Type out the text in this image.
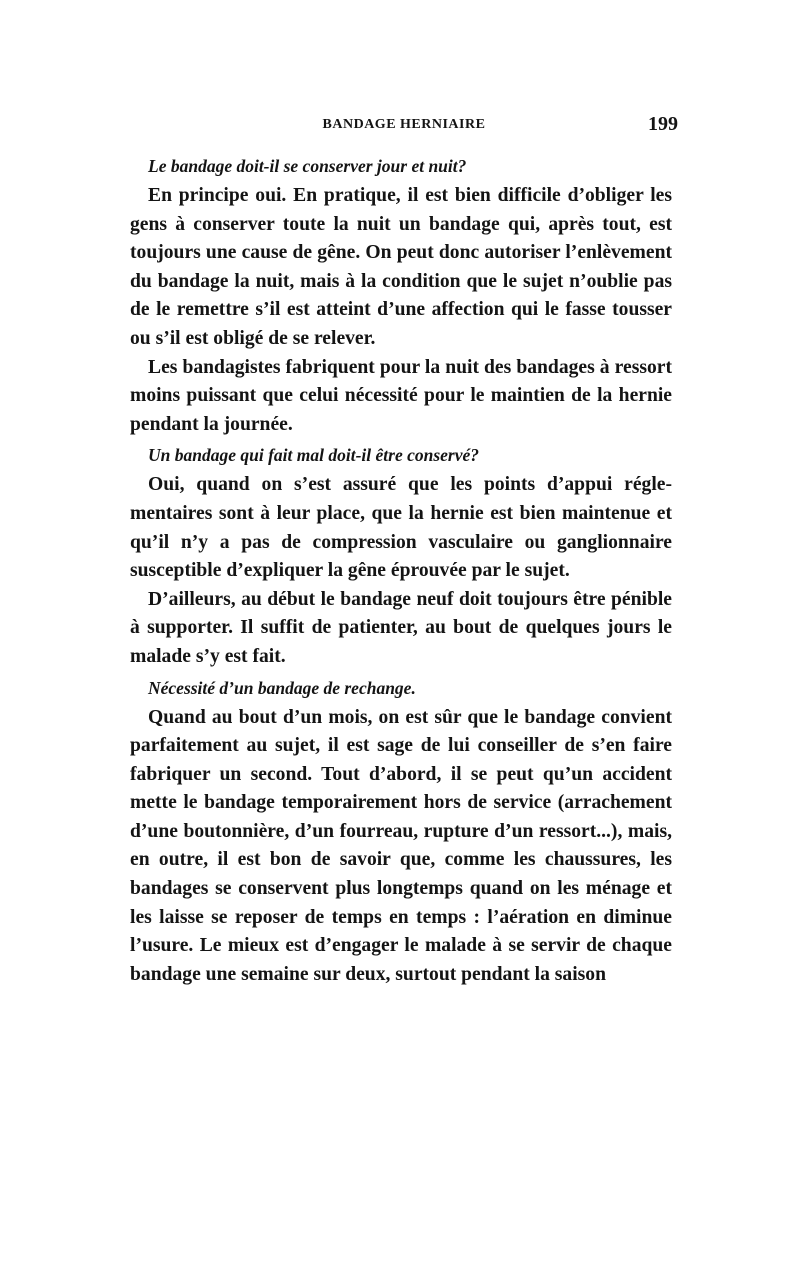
BANDAGE HERNIAIRE	199
Le bandage doit-il se conserver jour et nuit?

En principe oui. En pratique, il est bien difficile d’obliger les gens à conserver toute la nuit un bandage qui, après tout, est toujours une cause de gêne. On peut donc autoriser l’enlèvement du bandage la nuit, mais à la condition que le sujet n’oublie pas de le remettre s’il est atteint d’une affection qui le fasse tousser ou s’il est obligé de se relever.

Les bandagistes fabriquent pour la nuit des bandages à ressort moins puissant que celui nécessité pour le maintien de la hernie pendant la journée.

Un bandage qui fait mal doit-il être conservé?

Oui, quand on s’est assuré que les points d’appui réglementaires sont à leur place, que la hernie est bien maintenue et qu’il n’y a pas de compression vasculaire ou ganglionnaire susceptible d’expliquer la gêne éprouvée par le sujet.

D’ailleurs, au début le bandage neuf doit toujours être pénible à supporter. Il suffit de patienter, au bout de quelques jours le malade s’y est fait.

Nécessité d’un bandage de rechange.

Quand au bout d’un mois, on est sûr que le bandage convient parfaitement au sujet, il est sage de lui conseiller de s’en faire fabriquer un second. Tout d’abord, il se peut qu’un accident mette le bandage temporairement hors de service (arrachement d’une boutonnière, d’un fourreau, rupture d’un ressort...), mais, en outre, il est bon de savoir que, comme les chaussures, les bandages se conservent plus longtemps quand on les ménage et les laisse se reposer de temps en temps : l’aération en diminue l’usure. Le mieux est d’engager le malade à se servir de chaque bandage une semaine sur deux, surtout pendant la saison
